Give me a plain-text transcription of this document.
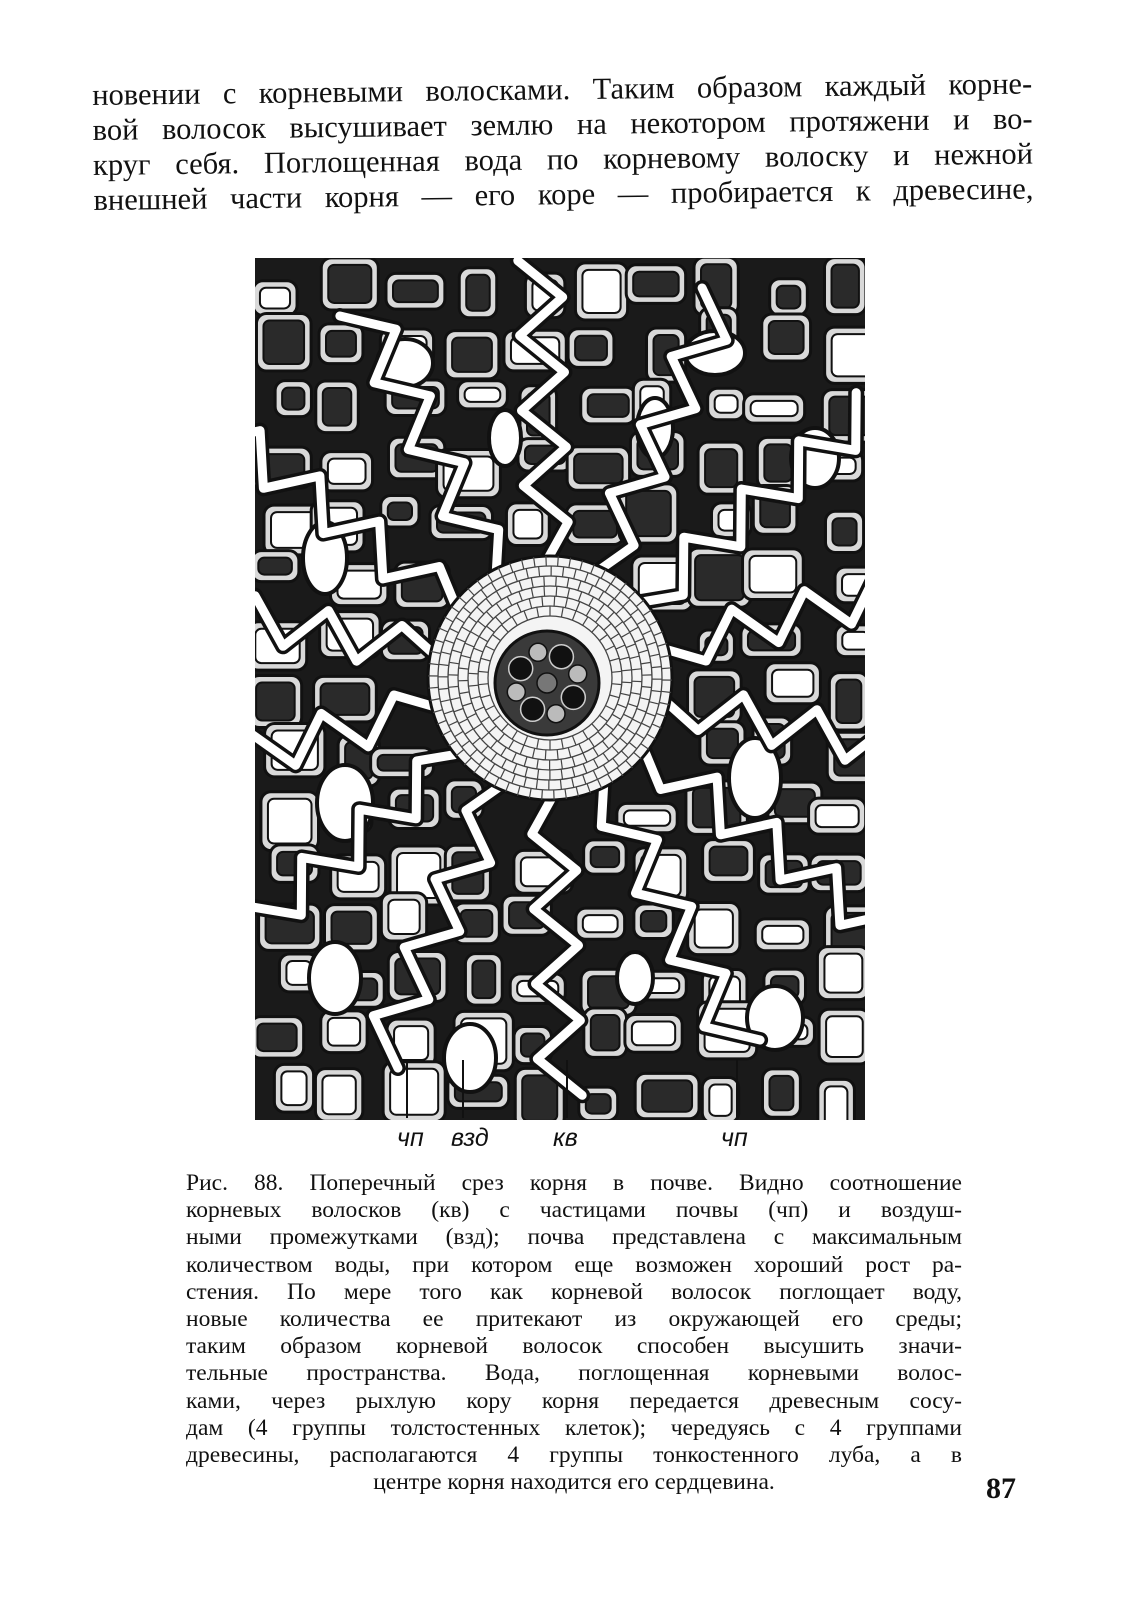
новении с корневыми волосками. Таким образом каждый корне-
вой волосок высушивает землю на некотором протяжени и во-
круг себя. Поглощенная вода по корневому волоску и нежной
внешней части корня — его коре — пробирается к древесине,
чп взд	кв	чп
Рис. 88. Поперечный срез корня в почве. Видно соотношение
корневых волосков (кв) с частицами почвы (чп) и воздуш-
ными промежутками (взд); почва представлена с максимальным
количеством воды, при котором еще возможен хороший рост ра-
стения. По мере того как корневой волосок поглощает воду,
новые количества ее притекают из окружающей его среды;
таким образом корневой волосок способен высушить значи-
тельные пространства. Вода, поглощенная корневыми волос-
ками, через рыхлую кору корня передается древесным сосу-
дам (4 группы толстостенных клеток); чередуясь с 4 группами
древесины, располагаются 4 группы тонкостенного луба, а в
центре корня находится его сердцевина.	87
